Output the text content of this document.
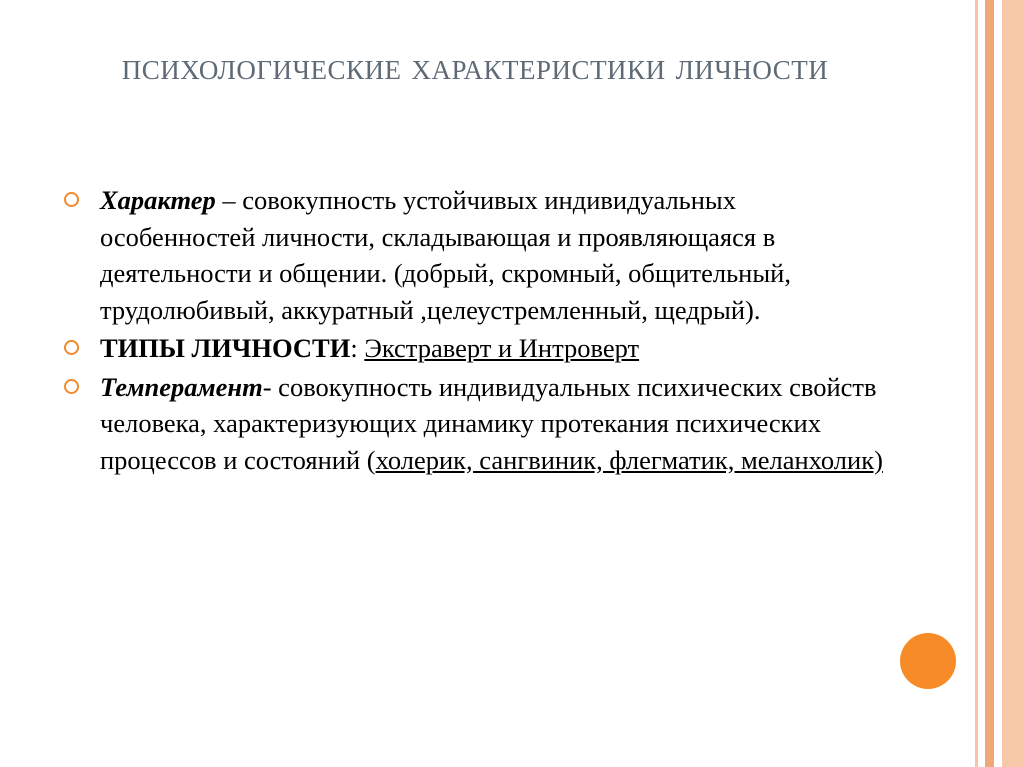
психологические характеристики личности
Характер – совокупность устойчивых индивидуальных особенностей личности, складывающая и проявляющаяся в деятельности и общении. (добрый, скромный, общительный, трудолюбивый, аккуратный ,целеустремленный, щедрый).
ТИПЫ ЛИЧНОСТИ: Экстраверт и Интроверт
Темперамент- совокупность индивидуальных психических свойств человека, характеризующих динамику протекания психических процессов и состояний (холерик, сангвиник, флегматик, меланхолик)
